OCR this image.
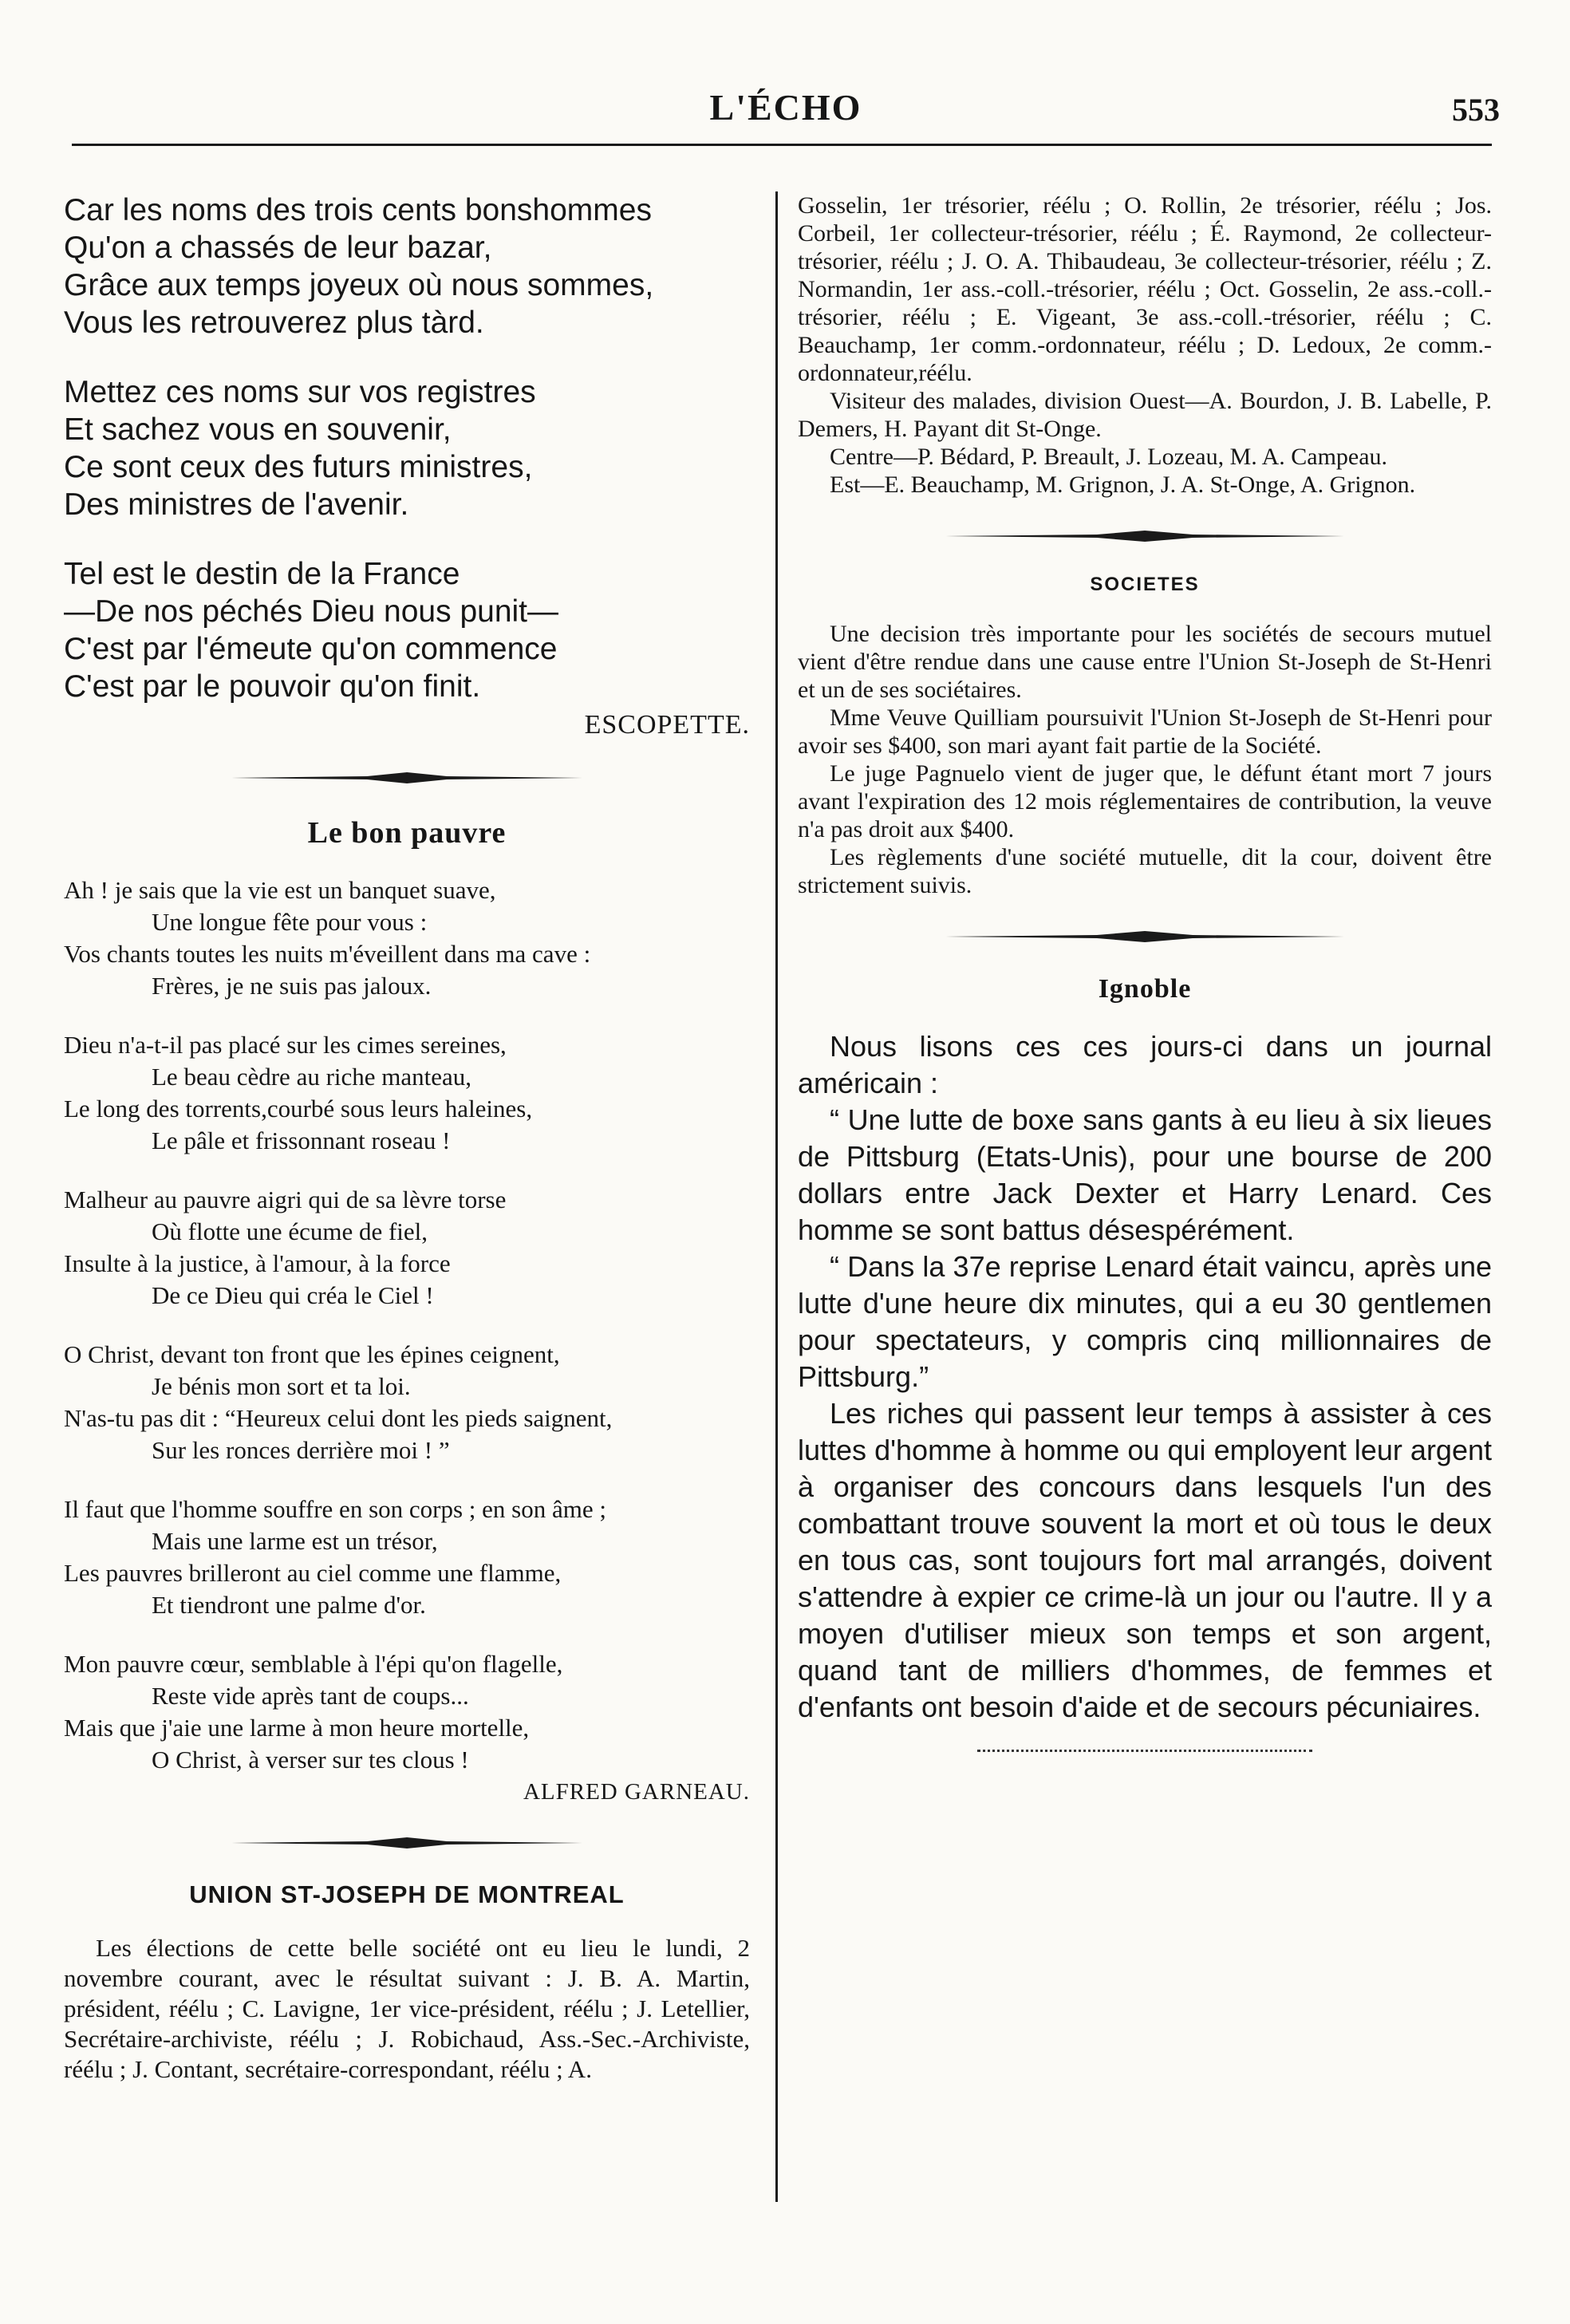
L'ÉCHO	553
Car les noms des trois cents bonshommes
Qu'on a chassés de leur bazar,
Grâce aux temps joyeux où nous sommes,
Vous les retrouverez plus tàrd.
Mettez ces noms sur vos registres
Et sachez vous en souvenir,
Ce sont ceux des futurs ministres,
Des ministres de l'avenir.
Tel est le destin de la France
—De nos péchés Dieu nous punit—
C'est par l'émeute qu'on commence
C'est par le pouvoir qu'on finit.
ESCOPETTE.
Le bon pauvre
Ah ! je sais que la vie est un banquet suave,
Une longue fête pour vous :
Vos chants toutes les nuits m'éveillent dans ma cave :
Frères, je ne suis pas jaloux.
Dieu n'a-t-il pas placé sur les cimes sereines,
Le beau cèdre au riche manteau,
Le long des torrents,courbé sous leurs haleines,
Le pâle et frissonnant roseau !
Malheur au pauvre aigri qui de sa lèvre torse
Où flotte une écume de fiel,
Insulte à la justice, à l'amour, à la force
De ce Dieu qui créa le Ciel !
O Christ, devant ton front que les épines ceignent,
Je bénis mon sort et ta loi.
N'as-tu pas dit : “Heureux celui dont les pieds saignent,
Sur les ronces derrière moi ! ”
Il faut que l'homme souffre en son corps ; en son âme ;
Mais une larme est un trésor,
Les pauvres brilleront au ciel comme une flamme,
Et tiendront une palme d'or.
Mon pauvre cœur, semblable à l'épi qu'on flagelle,
Reste vide après tant de coups...
Mais que j'aie une larme à mon heure mortelle,
O Christ, à verser sur tes clous !
ALFRED GARNEAU.
UNION ST-JOSEPH DE MONTREAL

Les élections de cette belle société ont eu lieu le lundi, 2 novembre courant, avec le résultat suivant : J. B. A. Martin, président, réélu ; C. Lavigne, 1er vice-président, réélu ; J. Letellier, Secrétaire-archiviste, réélu ; J. Robichaud, Ass.-Sec.-Archiviste, réélu ; J. Contant, secrétaire-correspondant, réélu ; A.

Gosselin, 1er trésorier, réélu ; O. Rollin, 2e trésorier, réélu ; Jos. Corbeil, 1er collecteur-trésorier, réélu ; É. Raymond, 2e collecteur-trésorier, réélu ; J. O. A. Thibaudeau, 3e collecteur-trésorier, réélu ; Z. Normandin, 1er ass.-coll.-trésorier, réélu ; Oct. Gosselin, 2e ass.-coll.-trésorier, réélu ; E. Vigeant, 3e ass.-coll.-trésorier, réélu ; C. Beauchamp, 1er comm.-ordonnateur, réélu ; D. Ledoux, 2e comm.-ordonnateur,réélu.

Visiteur des malades, division Ouest—A. Bourdon, J. B. Labelle, P. Demers, H. Payant dit St-Onge.

Centre—P. Bédard, P. Breault, J. Lozeau, M. A. Campeau.

Est—E. Beauchamp, M. Grignon, J. A. St-Onge, A. Grignon.

SOCIETES

Une decision très importante pour les sociétés de secours mutuel vient d'être rendue dans une cause entre l'Union St-Joseph de St-Henri et un de ses sociétaires.

Mme Veuve Quilliam poursuivit l'Union St-Joseph de St-Henri pour avoir ses $400, son mari ayant fait partie de la Société.

Le juge Pagnuelo vient de juger que, le défunt étant mort 7 jours avant l'expiration des 12 mois réglementaires de contribution, la veuve n'a pas droit aux $400.

Les règlements d'une société mutuelle, dit la cour, doivent être strictement suivis.

Ignoble

Nous lisons ces ces jours-ci dans un journal américain :

“ Une lutte de boxe sans gants à eu lieu à six lieues de Pittsburg (Etats-Unis), pour une bourse de 200 dollars entre Jack Dexter et Harry Lenard. Ces homme se sont battus désespérément.

“ Dans la 37e reprise Lenard était vaincu, après une lutte d'une heure dix minutes, qui a eu 30 gentlemen pour spectateurs, y compris cinq millionnaires de Pittsburg.”

Les riches qui passent leur temps à assister à ces luttes d'homme à homme ou qui employent leur argent à organiser des concours dans lesquels l'un des combattant trouve souvent la mort et où tous le deux en tous cas, sont toujours fort mal arrangés, doivent s'attendre à expier ce crime-là un jour ou l'autre. Il y a moyen d'utiliser mieux son temps et son argent, quand tant de milliers d'hommes, de femmes et d'enfants ont besoin d'aide et de secours pécuniaires.
